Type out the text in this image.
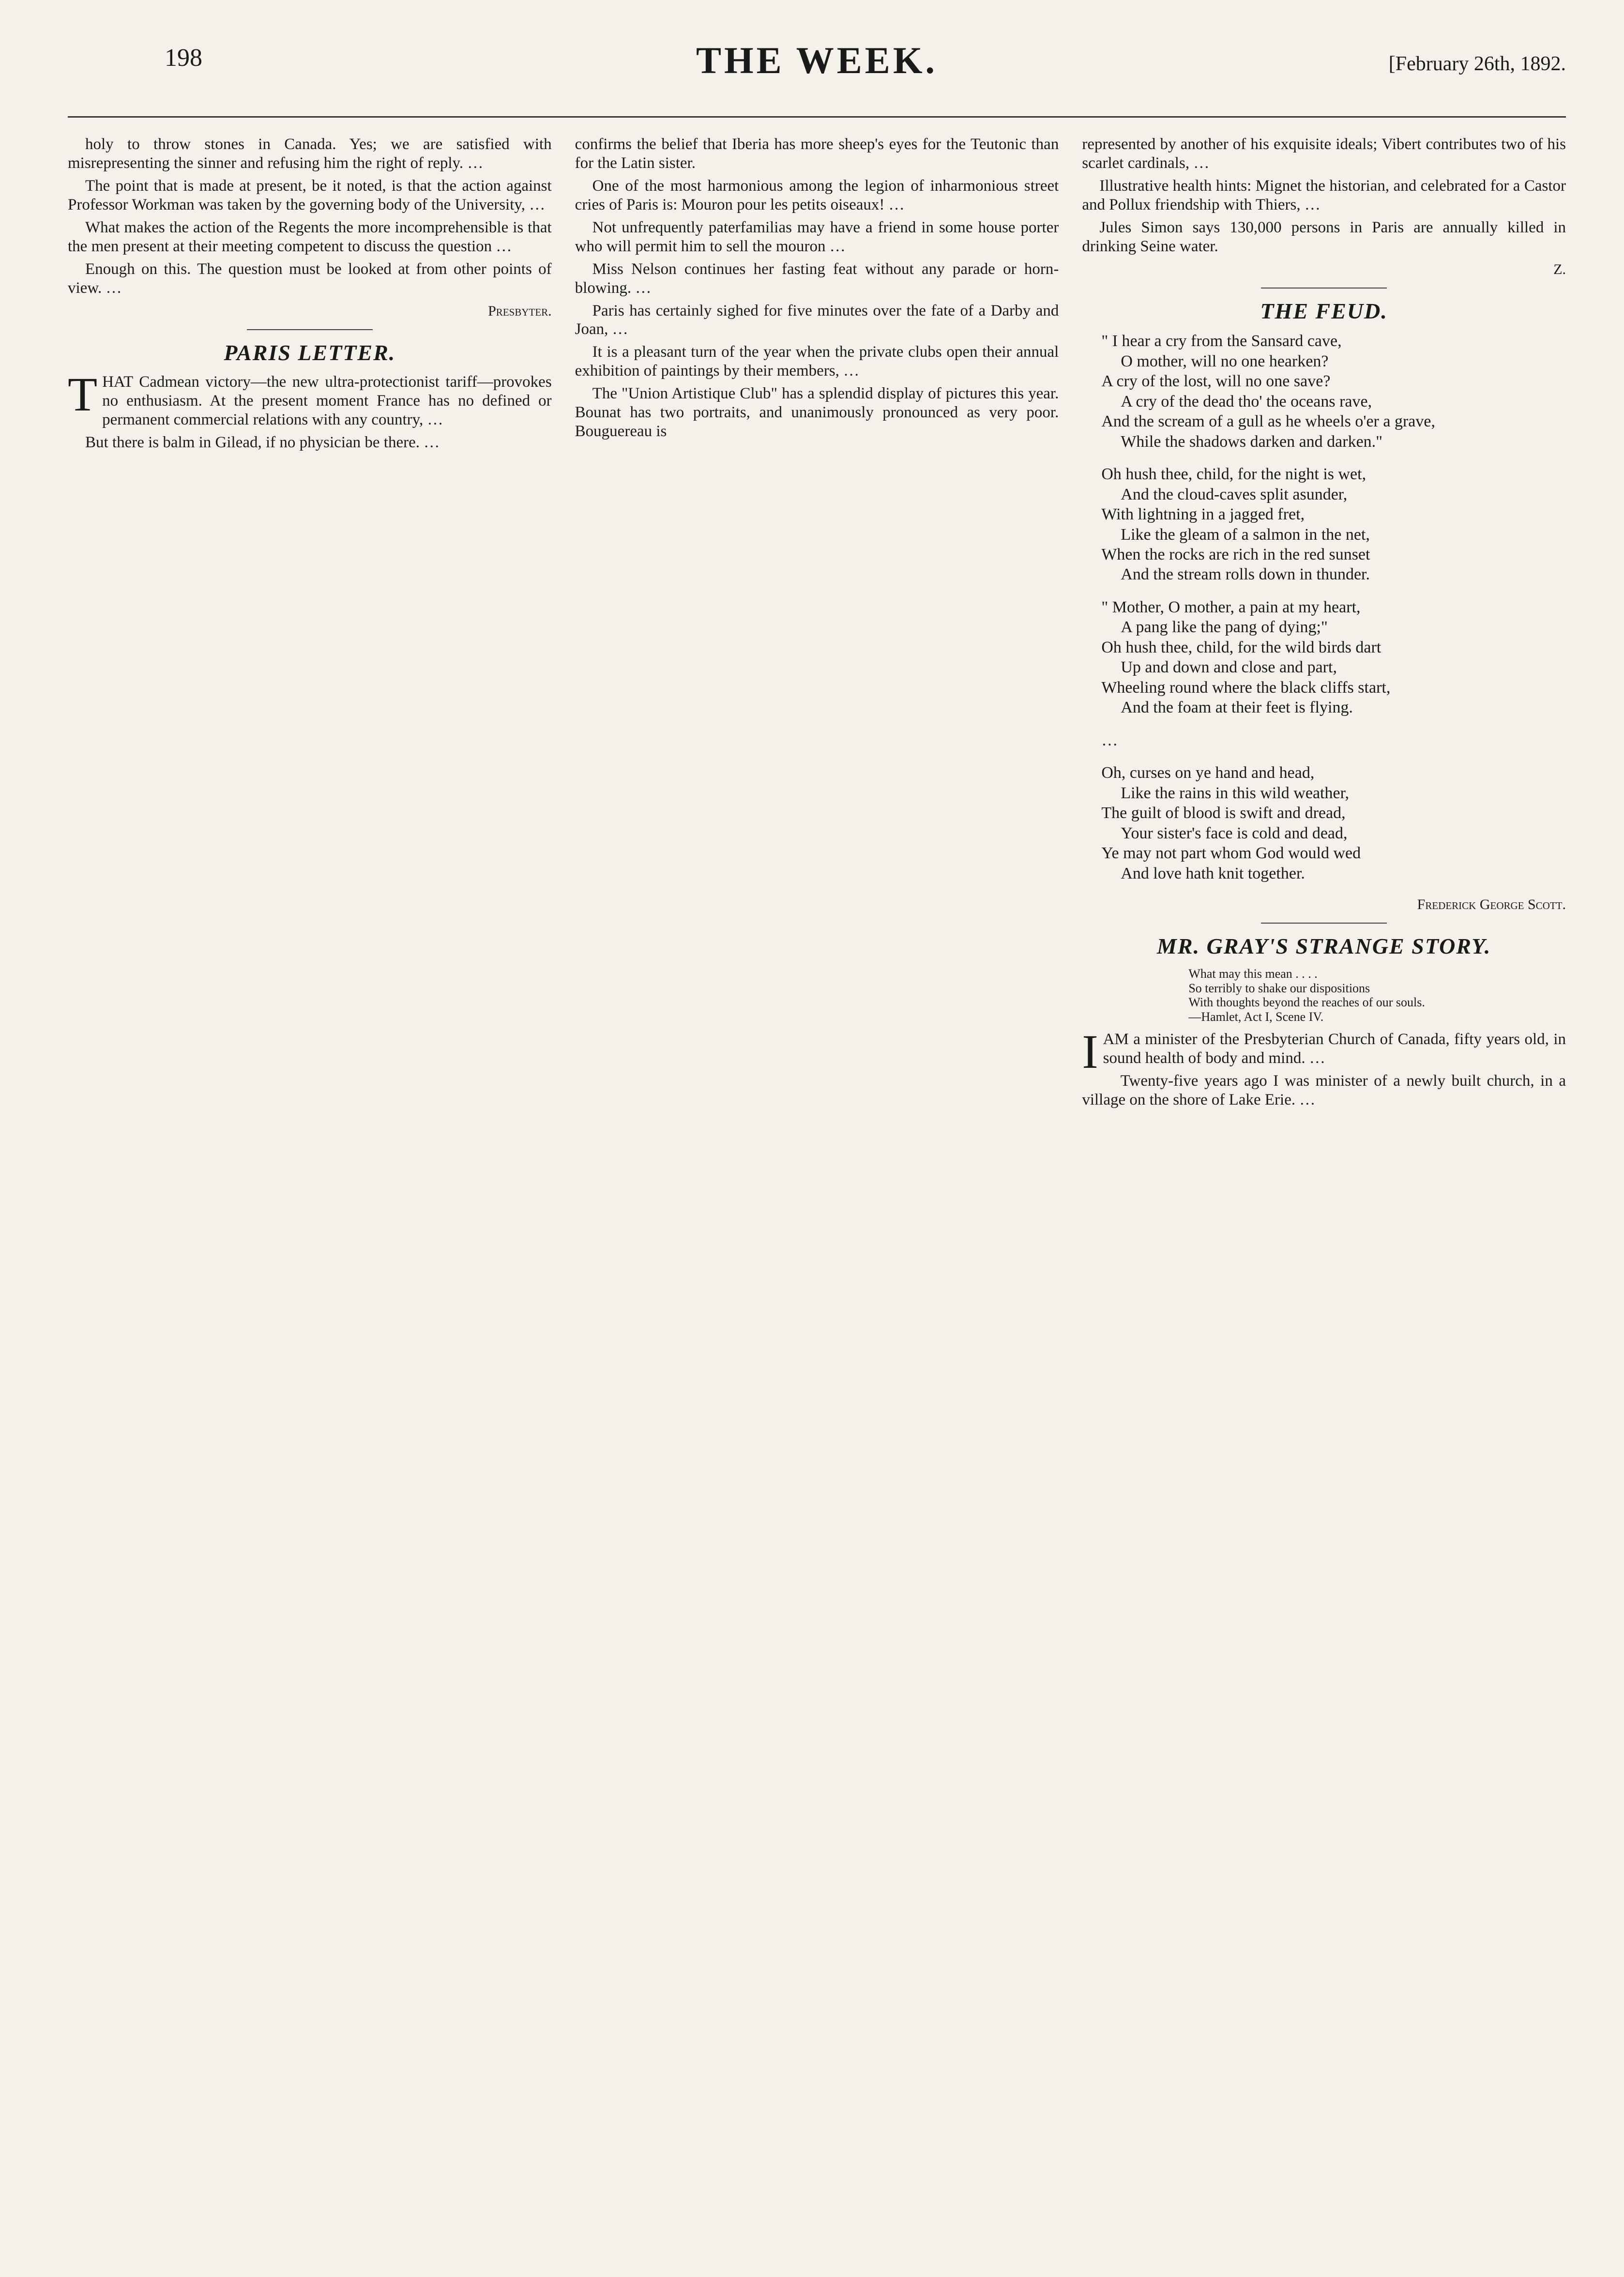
198	THE WEEK.	[February 26th, 1892.

holy to throw stones in Canada. Yes; we are satisfied with misrepresenting the sinner and refusing him the right of reply. …

The point that is made at present, be it noted, is that the action against Professor Workman was taken by the governing body of the University, …

What makes the action of the Regents the more incomprehensible is that the men present at their meeting competent to discuss the question …

Enough on this. The question must be looked at from other points of view. …

Presbyter.
PARIS LETTER.

THAT Cadmean victory—the new ultra-protectionist tariff—provokes no enthusiasm. At the present moment France has no defined or permanent commercial relations with any country, …

But there is balm in Gilead, if no physician be there. …

confirms the belief that Iberia has more sheep's eyes for the Teutonic than for the Latin sister.

One of the most harmonious among the legion of inharmonious street cries of Paris is: Mouron pour les petits oiseaux! …

Not unfrequently paterfamilias may have a friend in some house porter who will permit him to sell the mouron …

Miss Nelson continues her fasting feat without any parade or horn-blowing. …

Paris has certainly sighed for five minutes over the fate of a Darby and Joan, …

It is a pleasant turn of the year when the private clubs open their annual exhibition of paintings by their members, …

The "Union Artistique Club" has a splendid display of pictures this year. Bounat has two portraits, and unanimously pronounced as very poor. Bouguereau is

represented by another of his exquisite ideals; Vibert contributes two of his scarlet cardinals, …

Illustrative health hints: Mignet the historian, and celebrated for a Castor and Pollux friendship with Thiers, …

Jules Simon says 130,000 persons in Paris are annually killed in drinking Seine water.

Z.
THE FEUD.
" I hear a cry from the Sansard cave,
O mother, will no one hearken?
A cry of the lost, will no one save?
A cry of the dead tho' the oceans rave,
And the scream of a gull as he wheels o'er a grave,
While the shadows darken and darken."
Oh hush thee, child, for the night is wet,
And the cloud-caves split asunder,
With lightning in a jagged fret,
Like the gleam of a salmon in the net,
When the rocks are rich in the red sunset
And the stream rolls down in thunder.
" Mother, O mother, a pain at my heart,
A pang like the pang of dying;"
Oh hush thee, child, for the wild birds dart
Up and down and close and part,
Wheeling round where the black cliffs start,
And the foam at their feet is flying.
…
Oh, curses on ye hand and head,
Like the rains in this wild weather,
The guilt of blood is swift and dread,
Your sister's face is cold and dead,
Ye may not part whom God would wed
And love hath knit together.
Frederick George Scott.
MR. GRAY'S STRANGE STORY.
What may this mean . . . .
So terribly to shake our dispositions
With thoughts beyond the reaches of our souls.
—Hamlet, Act I, Scene IV.

IAM a minister of the Presbyterian Church of Canada, fifty years old, in sound health of body and mind. …

Twenty-five years ago I was minister of a newly built church, in a village on the shore of Lake Erie. …
